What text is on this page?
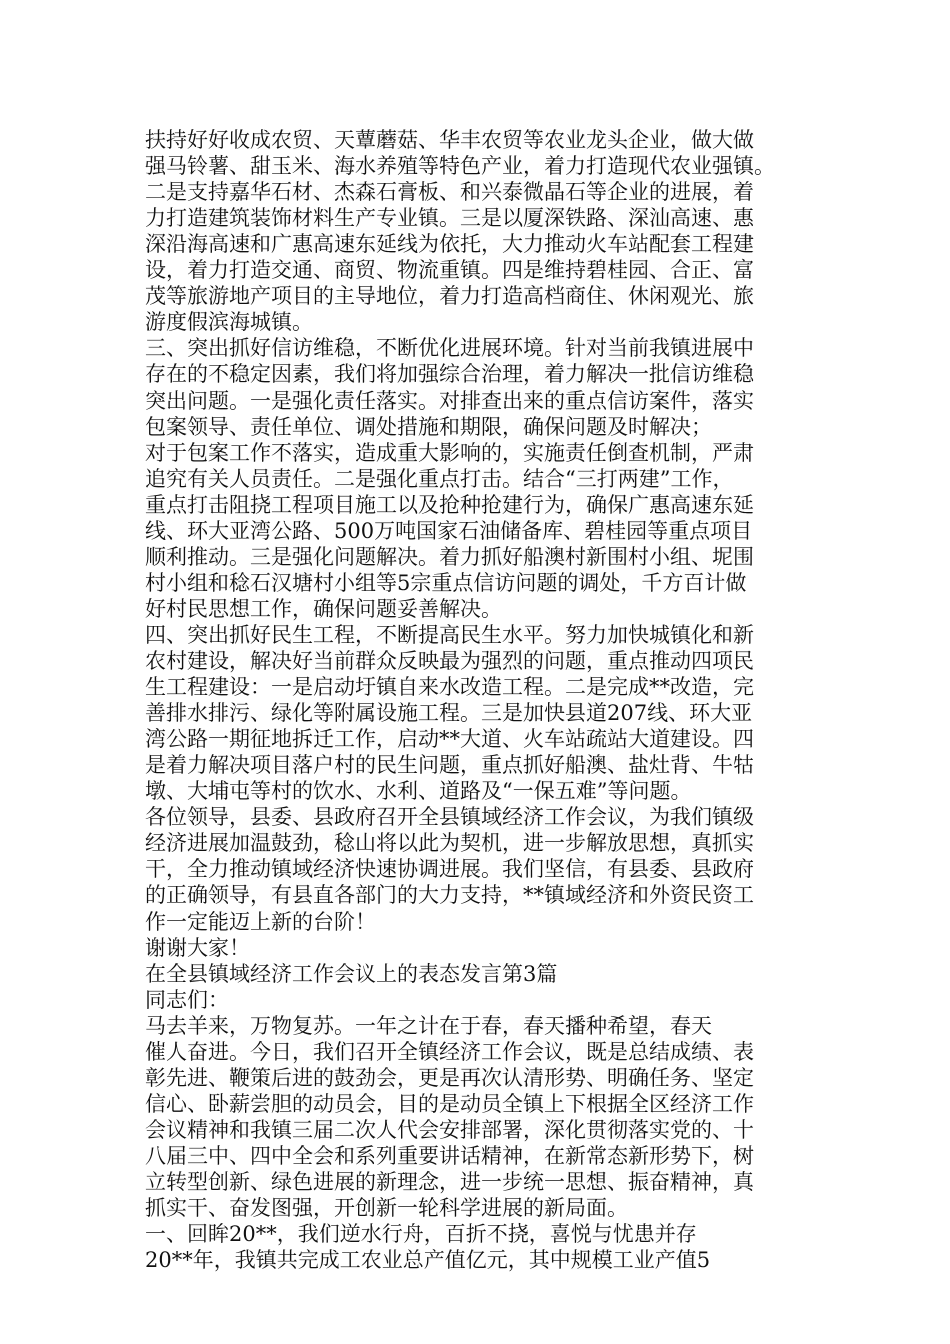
扶持好好收成农贸、天蕈蘑菇、华丰农贸等农业龙头企业，做大做
强马铃薯、甜玉米、海水养殖等特色产业，着力打造现代农业强镇。
二是支持嘉华石材、杰森石膏板、和兴泰微晶石等企业的进展，着
力打造建筑装饰材料生产专业镇。三是以厦深铁路、深汕高速、惠
深沿海高速和广惠高速东延线为依托，大力推动火车站配套工程建
设，着力打造交通、商贸、物流重镇。四是维持碧桂园、合正、富
茂等旅游地产项目的主导地位，着力打造高档商住、休闲观光、旅
游度假滨海城镇。
三、突出抓好信访维稳，不断优化进展环境。针对当前我镇进展中
存在的不稳定因素，我们将加强综合治理，着力解决一批信访维稳
突出问题。一是强化责任落实。对排查出来的重点信访案件，落实
包案领导、责任单位、调处措施和期限，确保问题及时解决；
对于包案工作不落实，造成重大影响的，实施责任倒查机制，严肃
追究有关人员责任。二是强化重点打击。结合“三打两建”工作，
重点打击阻挠工程项目施工以及抢种抢建行为，确保广惠高速东延
线、环大亚湾公路、500万吨国家石油储备库、碧桂园等重点项目
顺利推动。三是强化问题解决。着力抓好船澳村新围村小组、坭围
村小组和稔石汉塘村小组等5宗重点信访问题的调处，千方百计做
好村民思想工作，确保问题妥善解决。
四、突出抓好民生工程，不断提高民生水平。努力加快城镇化和新
农村建设，解决好当前群众反映最为强烈的问题，重点推动四项民
生工程建设：一是启动圩镇自来水改造工程。二是完成**改造，完
善排水排污、绿化等附属设施工程。三是加快县道207线、环大亚
湾公路一期征地拆迁工作，启动**大道、火车站疏站大道建设。四
是着力解决项目落户村的民生问题，重点抓好船澳、盐灶背、牛牯
墩、大埔屯等村的饮水、水利、道路及“一保五难”等问题。
各位领导，县委、县政府召开全县镇域经济工作会议，为我们镇级
经济进展加温鼓劲，稔山将以此为契机，进一步解放思想，真抓实
干，全力推动镇域经济快速协调进展。我们坚信，有县委、县政府
的正确领导，有县直各部门的大力支持，**镇域经济和外资民资工
作一定能迈上新的台阶！
谢谢大家！
在全县镇域经济工作会议上的表态发言第3篇
同志们：
马去羊来，万物复苏。一年之计在于春，春天播种希望，春天
催人奋进。今日，我们召开全镇经济工作会议，既是总结成绩、表
彰先进、鞭策后进的鼓劲会，更是再次认清形势、明确任务、坚定
信心、卧薪尝胆的动员会，目的是动员全镇上下根据全区经济工作
会议精神和我镇三届二次人代会安排部署，深化贯彻落实党的、十
八届三中、四中全会和系列重要讲话精神，在新常态新形势下，树
立转型创新、绿色进展的新理念，进一步统一思想、振奋精神，真
抓实干、奋发图强，开创新一轮科学进展的新局面。
一、回眸20**，我们逆水行舟，百折不挠，喜悦与忧患并存
20**年，我镇共完成工农业总产值亿元，其中规模工业产值5
